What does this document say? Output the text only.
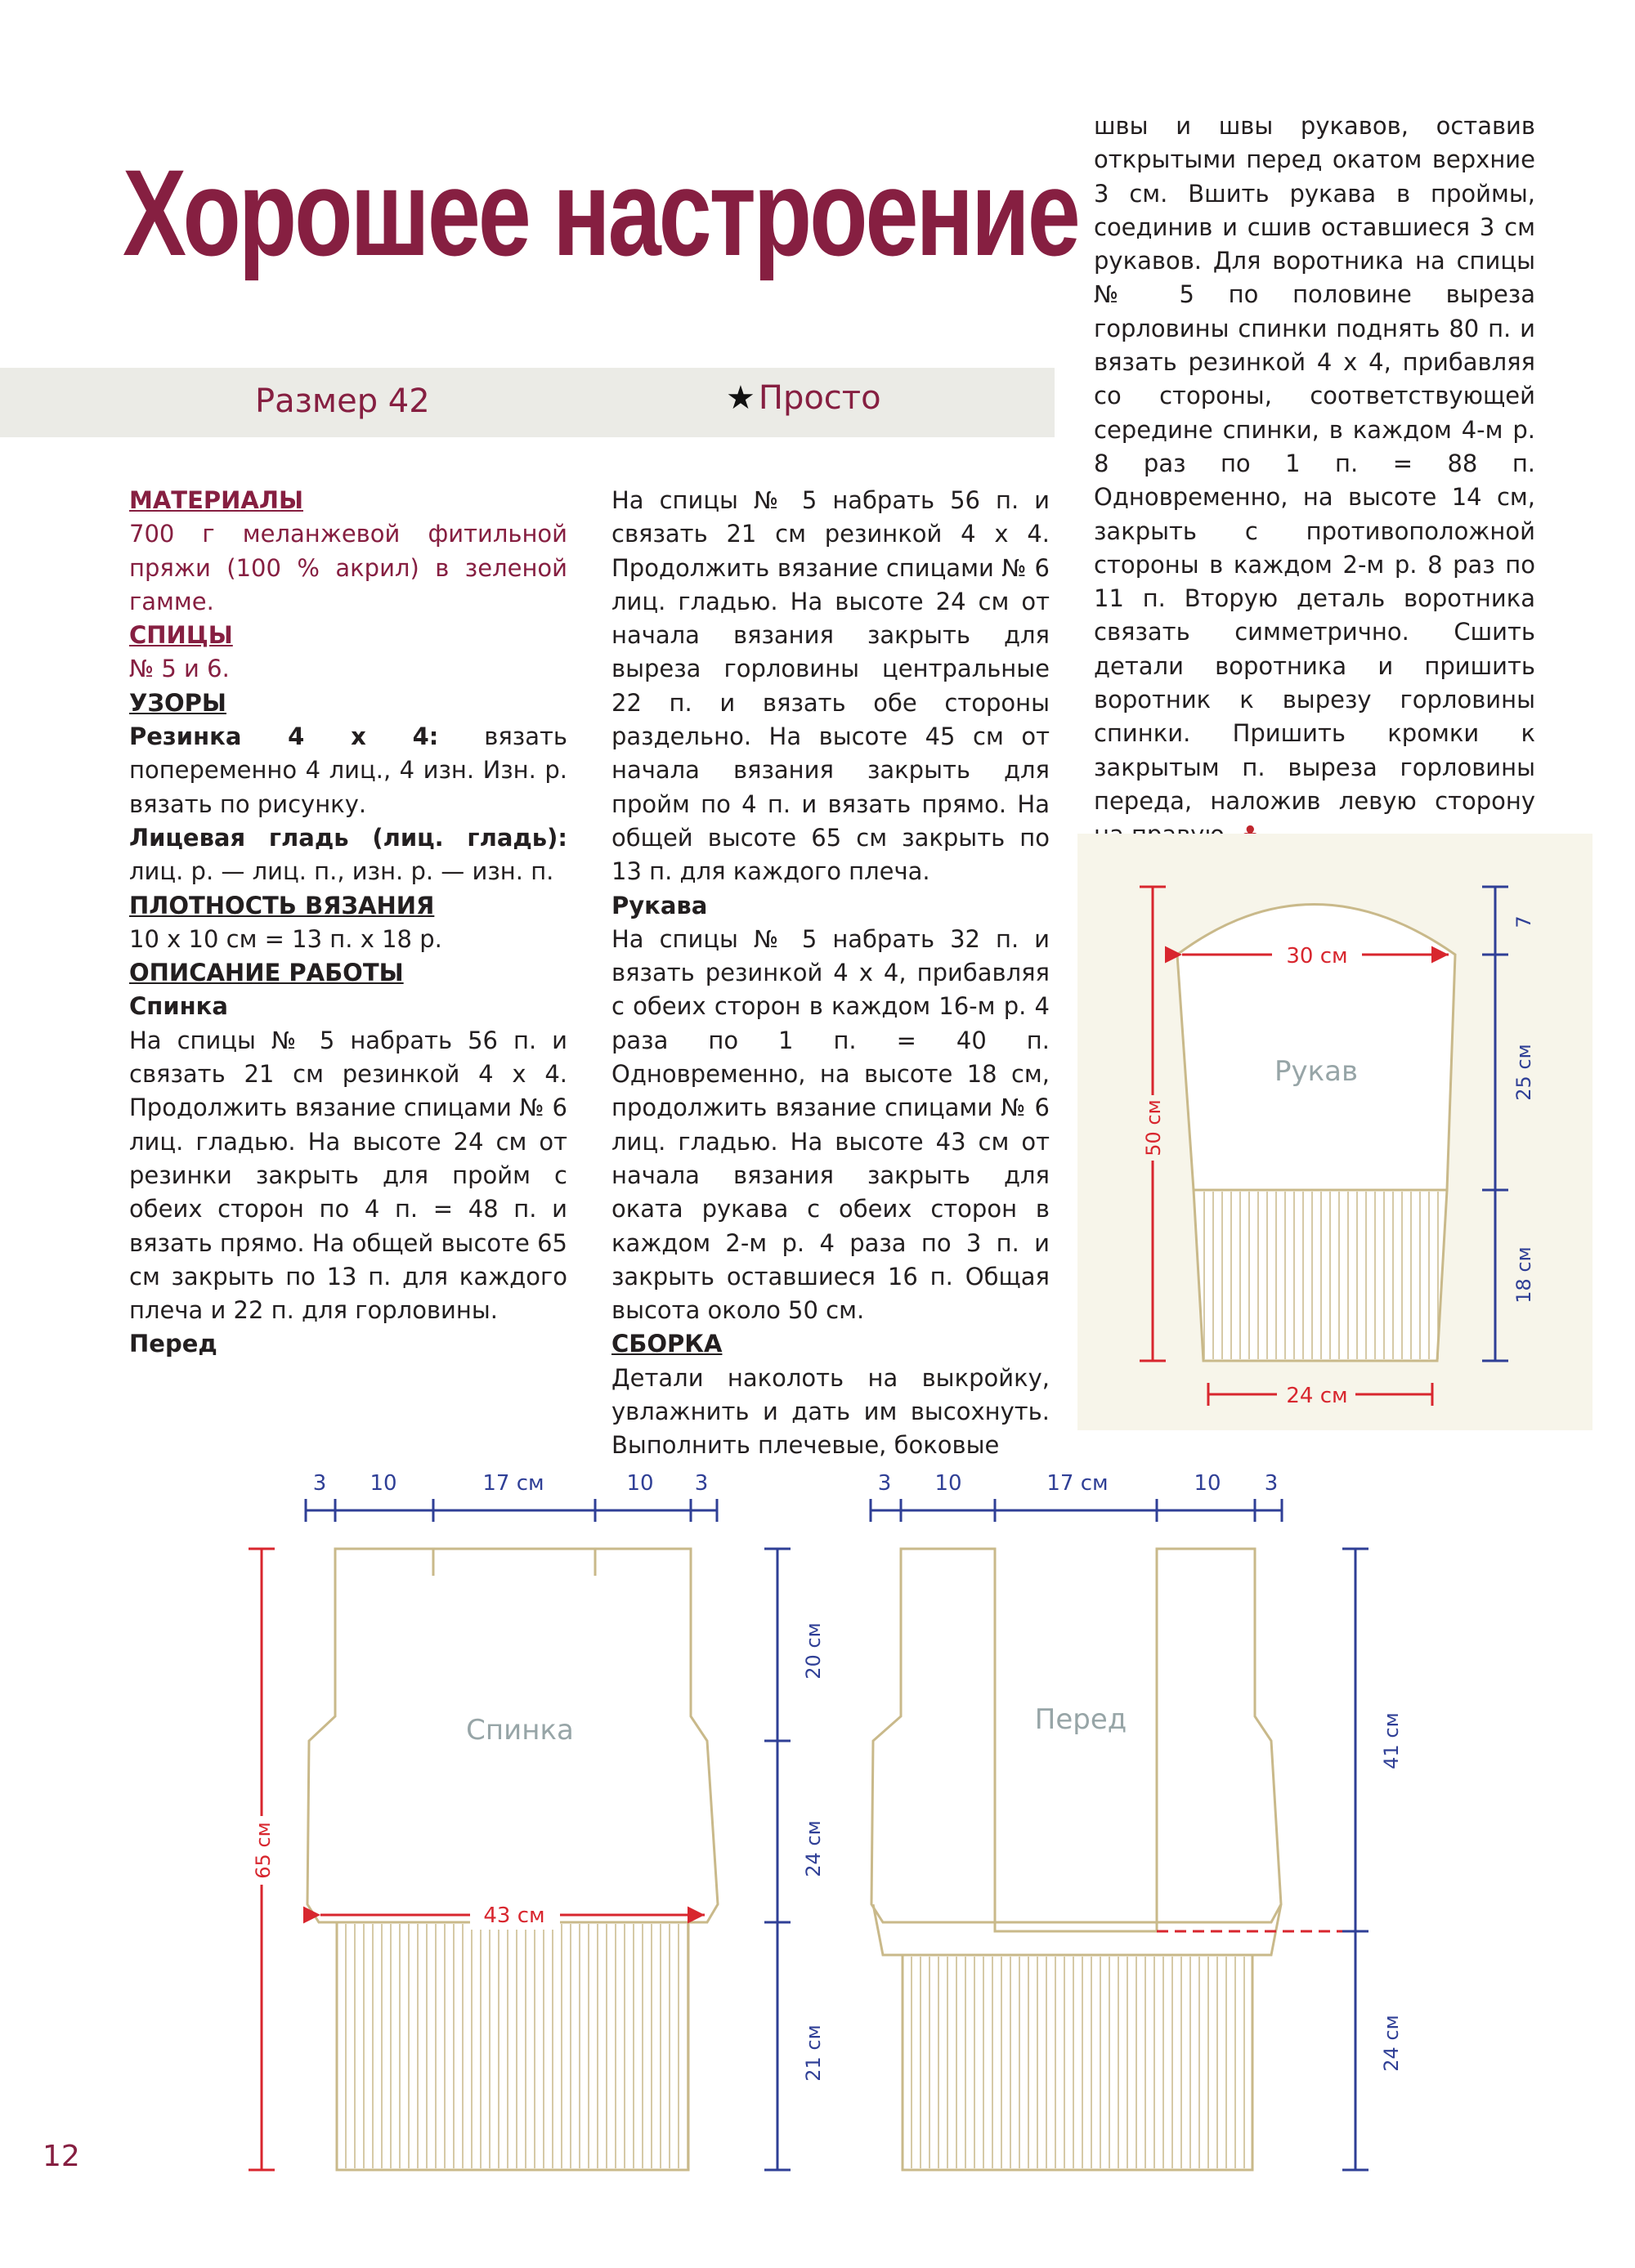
Хорошее настроение
Размер 42	★ Просто

МАТЕРИАЛЫ

700 г меланжевой фитильной пряжи (100 % акрил) в зеленой гамме.

СПИЦЫ

№ 5 и 6.

УЗОРЫ

Резинка 4 х 4: вязать попеременно 4 лиц., 4 изн. Изн. р. вязать по рисунку.

Лицевая гладь (лиц. гладь): лиц. р. — лиц. п., изн. р. — изн. п.

ПЛОТНОСТЬ ВЯЗАНИЯ

10 х 10 см = 13 п. х 18 р.

ОПИСАНИЕ РАБОТЫ

Спинка

На спицы № 5 набрать 56 п. и связать 21 см резинкой 4 х 4. Продолжить вязание спицами № 6 лиц. гладью. На высоте 24 см от резинки закрыть для пройм с обеих сторон по 4 п. = 48 п. и вязать прямо. На общей высоте 65 см закрыть по 13 п. для каждого плеча и 22 п. для горловины.

Перед

На спицы № 5 набрать 56 п. и связать 21 см резинкой 4 х 4. Продолжить вязание спицами № 6 лиц. гладью. На высоте 24 см от начала вязания закрыть для выреза горловины центральные 22 п. и вязать обе стороны раздельно. На высоте 45 см от начала вязания закрыть для пройм по 4 п. и вязать прямо. На общей высоте 65 см закрыть по 13 п. для каждого плеча.

Рукава

На спицы № 5 набрать 32 п. и вязать резинкой 4 х 4, прибавляя с обеих сторон в каждом 16-м р. 4 раза по 1 п. = 40 п. Одновременно, на высоте 18 см, продолжить вязание спицами № 6 лиц. гладью. На высоте 43 см от начала вязания закрыть для оката рукава с обеих сторон в каждом 2-м р. 4 раза по 3 п. и закрыть оставшиеся 16 п. Общая высота около 50 см.

СБОРКА

Детали наколоть на выкройку, увлажнить и дать им высохнуть. Выполнить плечевые, боковые

швы и швы рукавов, оставив открытыми перед окатом верхние 3 см. Вшить рукава в проймы, соединив и сшив оставшиеся 3 см рукавов. Для воротника на спицы № 5 по половине выреза горловины спинки поднять 80 п. и вязать резинкой 4 х 4, прибавляя со стороны, соответствующей середине спинки, в каждом 4-м р. 8 раз по 1 п. = 88 п. Одновременно, на высоте 14 см, закрыть с противоположной стороны в каждом 2-м р. 8 раз по 11 п. Вторую деталь воротника связать симметрично. Сшить детали воротника и пришить воротник к вырезу горловины спинки. Пришить кромки к закрытым п. выреза горловины переда, наложив левую сторону

Рукав
30 см
24 см
50 см
7
25 см
18 см
3 10	17 см	10 3
Спинка
43 см
65 см
20 см
24 см
21 см
3 10	17 см	10 3
Перед	41 см
24 см
12
